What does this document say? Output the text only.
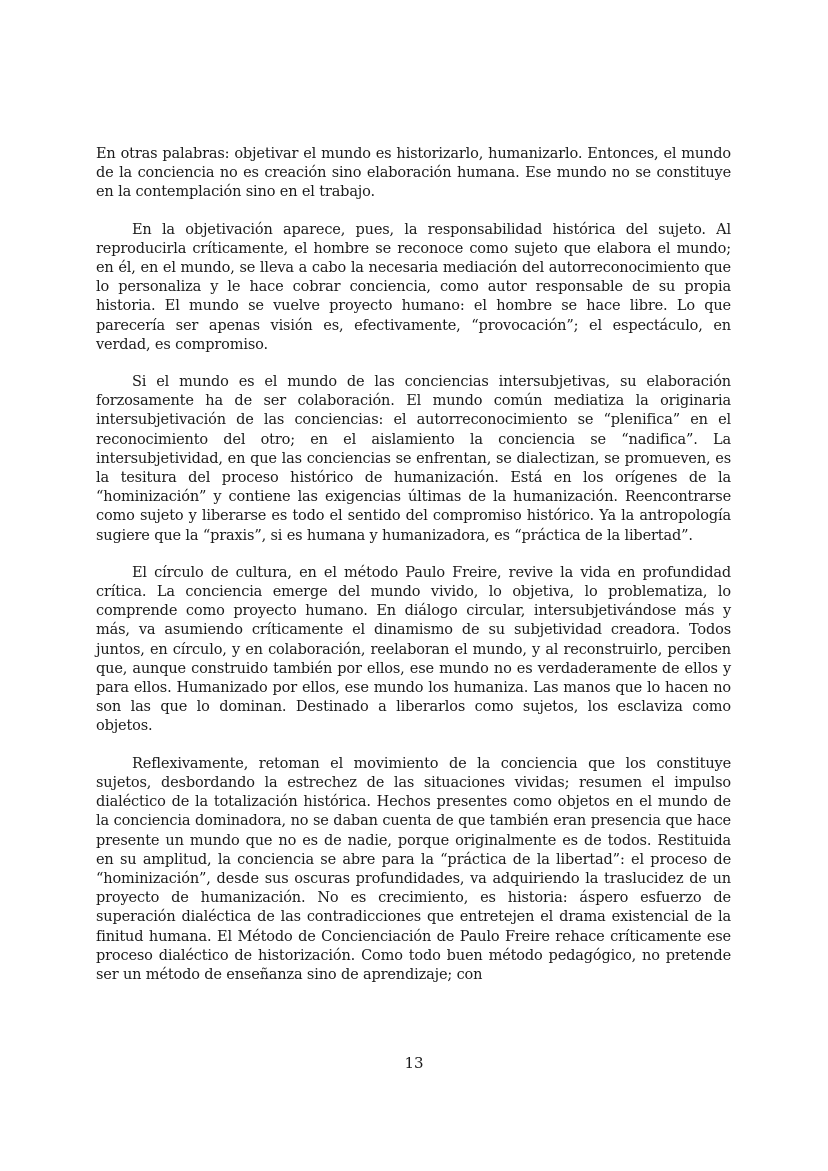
En otras palabras: objetivar el mundo es historizarlo, humanizarlo. Entonces, el mundo de la conciencia no es creación sino elaboración humana. Ese mundo no se constituye en la contemplación sino en el trabajo.

En la objetivación aparece, pues, la responsabilidad histórica del sujeto. Al reproducirla críticamente, el hombre se reconoce como sujeto que elabora el mundo; en él, en el mundo, se lleva a cabo la necesaria mediación del autorreconocimiento que lo personaliza y le hace cobrar conciencia, como autor responsable de su propia historia. El mundo se vuelve proyecto humano: el hombre se hace libre. Lo que parecería ser apenas visión es, efectivamente, “provocación”; el espectáculo, en verdad, es compromiso.

Si el mundo es el mundo de las conciencias intersubjetivas, su elaboración forzosamente ha de ser colaboración. El mundo común mediatiza la originaria intersubjetivación de las conciencias: el autorreconocimiento se “plenifica” en el reconocimiento del otro; en el aislamiento la conciencia se “nadifica”. La intersubjetividad, en que las conciencias se enfrentan, se dialectizan, se promueven, es la tesitura del proceso histórico de humanización. Está en los orígenes de la “hominización” y contiene las exigencias últimas de la humanización. Reencontrarse como sujeto y liberarse es todo el sentido del compromiso histórico. Ya la antropología sugiere que la “praxis”, si es humana y humanizadora, es “práctica de la libertad”.

El círculo de cultura, en el método Paulo Freire, revive la vida en profundidad crítica. La conciencia emerge del mundo vivido, lo objetiva, lo problematiza, lo comprende como proyecto humano. En diálogo circular, intersubjetivándose más y más, va asumiendo críticamente el dinamismo de su subjetividad creadora. Todos juntos, en círculo, y en colaboración, reelaboran el mundo, y al reconstruirlo, perciben que, aunque construido también por ellos, ese mundo no es verdaderamente de ellos y para ellos. Humanizado por ellos, ese mundo los humaniza. Las manos que lo hacen no son las que lo dominan. Destinado a liberarlos como sujetos, los esclaviza como objetos.

Reflexivamente, retoman el movimiento de la conciencia que los constituye sujetos, desbordando la estrechez de las situaciones vividas; resumen el impulso dialéctico de la totalización histórica. Hechos presentes como objetos en el mundo de la conciencia dominadora, no se daban cuenta de que también eran presencia que hace presente un mundo que no es de nadie, porque originalmente es de todos. Restituida en su amplitud, la conciencia se abre para la “práctica de la libertad”: el proceso de “hominización”, desde sus oscuras profundidades, va adquiriendo la traslucidez de un proyecto de humanización. No es crecimiento, es historia: áspero esfuerzo de superación dialéctica de las contradicciones que entretejen el drama existencial de la finitud humana. El Método de Concienciación de Paulo Freire rehace críticamente ese proceso dialéctico de historización. Como todo buen método pedagógico, no pretende ser un método de enseñanza sino de aprendizaje; con

13
